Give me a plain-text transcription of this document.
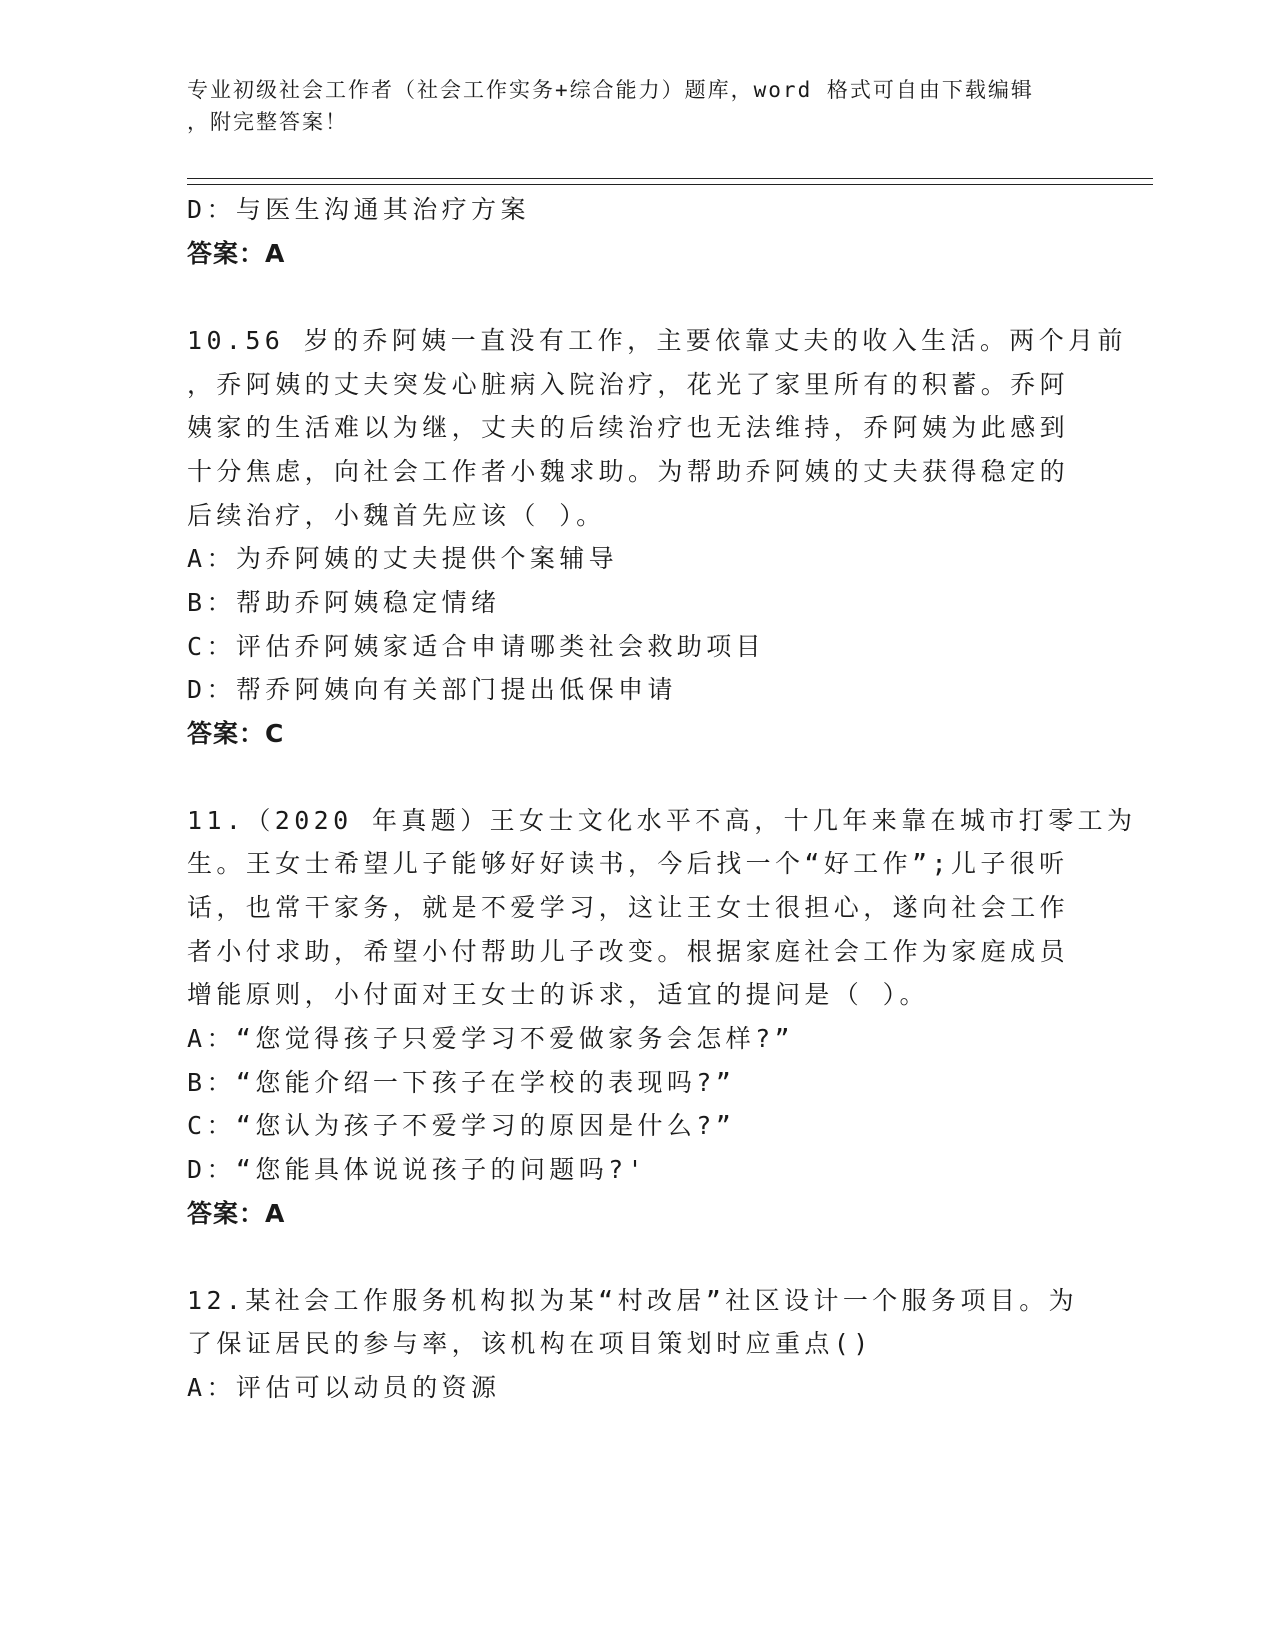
专业初级社会工作者（社会工作实务+综合能力）题库，word 格式可自由下载编辑
，附完整答案！
D：与医生沟通其治疗方案
答案：A
10.56 岁的乔阿姨一直没有工作，主要依靠丈夫的收入生活。两个月前
，乔阿姨的丈夫突发心脏病入院治疗，花光了家里所有的积蓄。乔阿
姨家的生活难以为继，丈夫的后续治疗也无法维持，乔阿姨为此感到
十分焦虑，向社会工作者小魏求助。为帮助乔阿姨的丈夫获得稳定的
后续治疗，小魏首先应该（ ）。
A：为乔阿姨的丈夫提供个案辅导
B：帮助乔阿姨稳定情绪
C：评估乔阿姨家适合申请哪类社会救助项目
D：帮乔阿姨向有关部门提出低保申请
答案：C
11.（2020 年真题）王女士文化水平不高，十几年来靠在城市打零工为
生。王女士希望儿子能够好好读书，今后找一个“好工作”;儿子很听
话，也常干家务，就是不爱学习，这让王女士很担心，遂向社会工作
者小付求助，希望小付帮助儿子改变。根据家庭社会工作为家庭成员
增能原则，小付面对王女士的诉求，适宜的提问是（ ）。
A：“您觉得孩子只爱学习不爱做家务会怎样?”
B：“您能介绍一下孩子在学校的表现吗?”
C：“您认为孩子不爱学习的原因是什么?”
D：“您能具体说说孩子的问题吗?'
答案：A
12.某社会工作服务机构拟为某“村改居”社区设计一个服务项目。为
了保证居民的参与率，该机构在项目策划时应重点()
A：评估可以动员的资源
